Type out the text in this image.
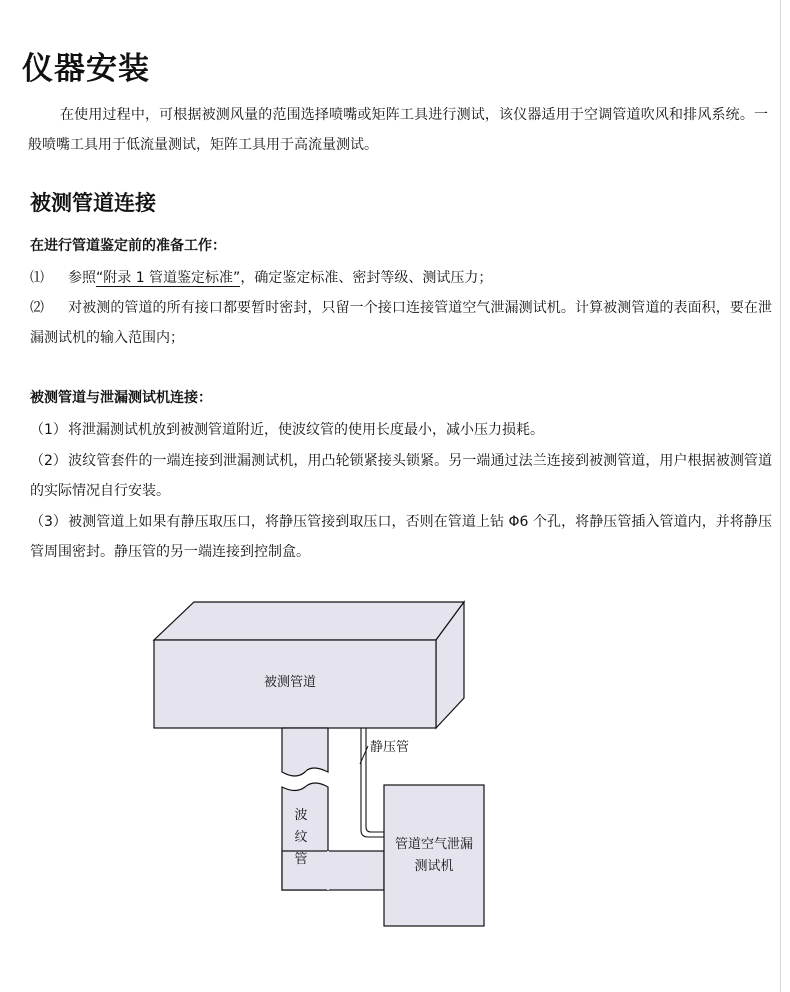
仪器安装

在使用过程中，可根据被测风量的范围选择喷嘴或矩阵工具进行测试，该仪器适用于空调管道吹风和排风系统。一般喷嘴工具用于低流量测试，矩阵工具用于高流量测试。

被测管道连接
在进行管道鉴定前的准备工作：
⑴ 参照“附录 1 管道鉴定标准”，确定鉴定标准、密封等级、测试压力；
⑵ 对被测的管道的所有接口都要暂时密封，只留一个接口连接管道空气泄漏测试机。计算被测管道的表面积，要在泄漏测试机的输入范围内；
被测管道与泄漏测试机连接：
（1）将泄漏测试机放到被测管道附近，使波纹管的使用长度最小，减小压力损耗。
（2）波纹管套件的一端连接到泄漏测试机，用凸轮锁紧接头锁紧。另一端通过法兰连接到被测管道，用户根据被测管道的实际情况自行安装。
（3）被测管道上如果有静压取压口，将静压管接到取压口，否则在管道上钻 Φ6 个孔，将静压管插入管道内，并将静压管周围密封。静压管的另一端连接到控制盒。
被测管道
静压管
波纹管
管道空气泄漏测试机
